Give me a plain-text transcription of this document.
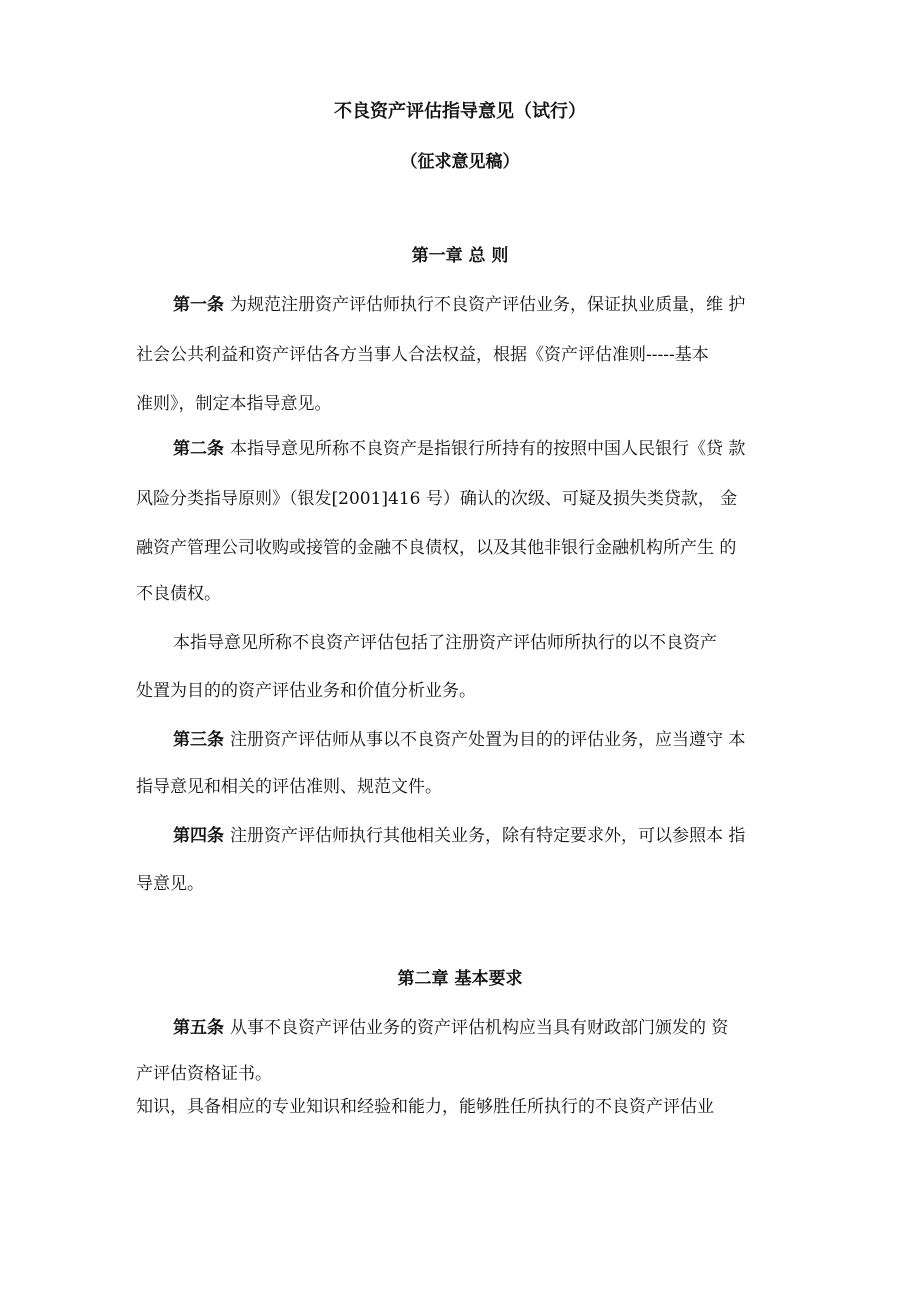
不良资产评估指导意见（试行）
（征求意见稿）
第一章 总 则
第一条 为规范注册资产评估师执行不良资产评估业务，保证执业质量，维 护
社会公共利益和资产评估各方当事人合法权益，根据《资产评估准则-----基本
准则》，制定本指导意见。
第二条 本指导意见所称不良资产是指银行所持有的按照中国人民银行《贷 款
风险分类指导原则》（银发[2001]416 号）确认的次级、可疑及损失类贷款， 金
融资产管理公司收购或接管的金融不良债权，以及其他非银行金融机构所产生 的
不良债权。
本指导意见所称不良资产评估包括了注册资产评估师所执行的以不良资产
处置为目的的资产评估业务和价值分析业务。
第三条 注册资产评估师从事以不良资产处置为目的的评估业务，应当遵守 本
指导意见和相关的评估准则、规范文件。
第四条 注册资产评估师执行其他相关业务，除有特定要求外，可以参照本 指
导意见。
第二章 基本要求
第五条 从事不良资产评估业务的资产评估机构应当具有财政部门颁发的 资
产评估资格证书。
知识，具备相应的专业知识和经验和能力，能够胜任所执行的不良资产评估业
